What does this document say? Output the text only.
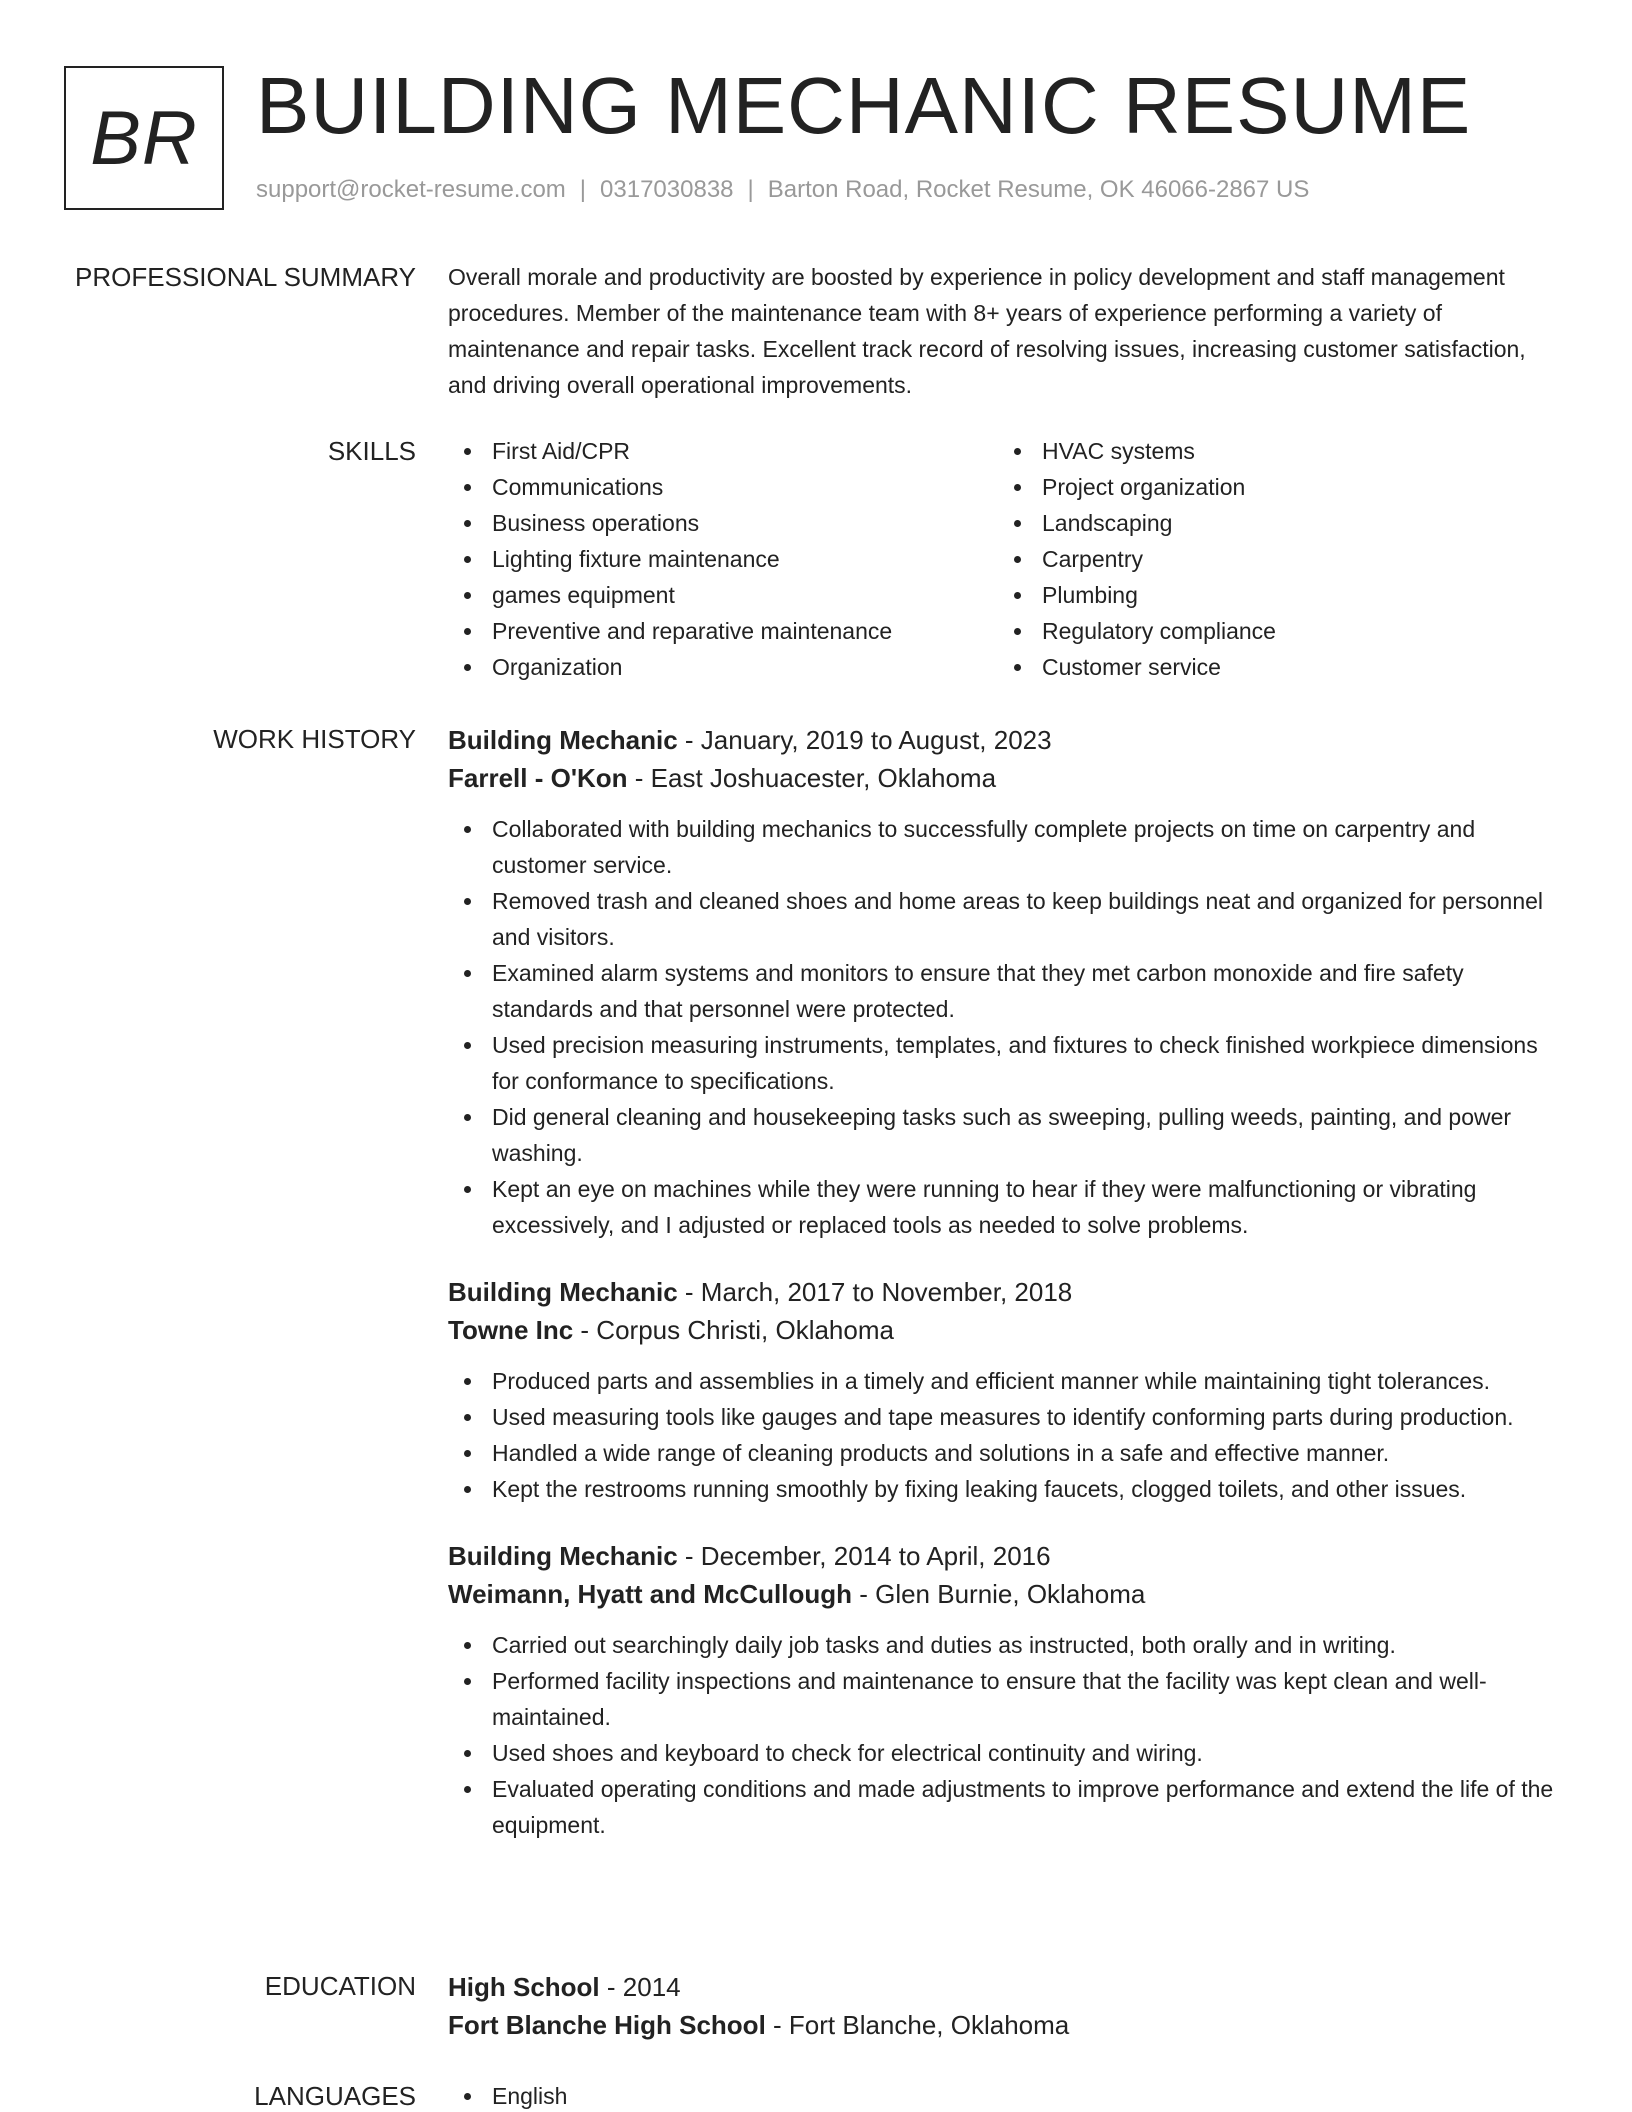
BR BUILDING MECHANIC RESUME
support@rocket-resume.com | 0317030838 | Barton Road, Rocket Resume, OK 46066-2867 US
PROFESSIONAL SUMMARY Overall morale and productivity are boosted by experience in policy development and staff management procedures. Member of the maintenance team with 8+ years of experience performing a variety of maintenance and repair tasks. Excellent track record of resolving issues, increasing customer satisfaction, and driving overall operational improvements.

SKILLS	First Aid/CPR
Communications
Business operations
Lighting fixture maintenance
games equipment
Preventive and reparative maintenance
Organization
HVAC systems
Project organization
Landscaping
Carpentry
Plumbing
Regulatory compliance
Customer service
WORK HISTORY Building Mechanic - January, 2019 to August, 2023
Farrell - O'Kon - East Joshuacester, Oklahoma
Collaborated with building mechanics to successfully complete projects on time on carpentry and customer service.
Removed trash and cleaned shoes and home areas to keep buildings neat and organized for personnel and visitors.
Examined alarm systems and monitors to ensure that they met carbon monoxide and fire safety standards and that personnel were protected.
Used precision measuring instruments, templates, and fixtures to check finished workpiece dimensions for conformance to specifications.
Did general cleaning and housekeeping tasks such as sweeping, pulling weeds, painting, and power washing.
Kept an eye on machines while they were running to hear if they were malfunctioning or vibrating excessively, and I adjusted or replaced tools as needed to solve problems.
Building Mechanic - March, 2017 to November, 2018
Towne Inc - Corpus Christi, Oklahoma
Produced parts and assemblies in a timely and efficient manner while maintaining tight tolerances.
Used measuring tools like gauges and tape measures to identify conforming parts during production.
Handled a wide range of cleaning products and solutions in a safe and effective manner.
Kept the restrooms running smoothly by fixing leaking faucets, clogged toilets, and other issues.
Building Mechanic - December, 2014 to April, 2016
Weimann, Hyatt and McCullough - Glen Burnie, Oklahoma
Carried out searchingly daily job tasks and duties as instructed, both orally and in writing.
Performed facility inspections and maintenance to ensure that the facility was kept clean and well-maintained.
Used shoes and keyboard to check for electrical continuity and wiring.
Evaluated operating conditions and made adjustments to improve performance and extend the life of the equipment.
EDUCATION High School - 2014
Fort Blanche High School - Fort Blanche, Oklahoma
LANGUAGES	English
